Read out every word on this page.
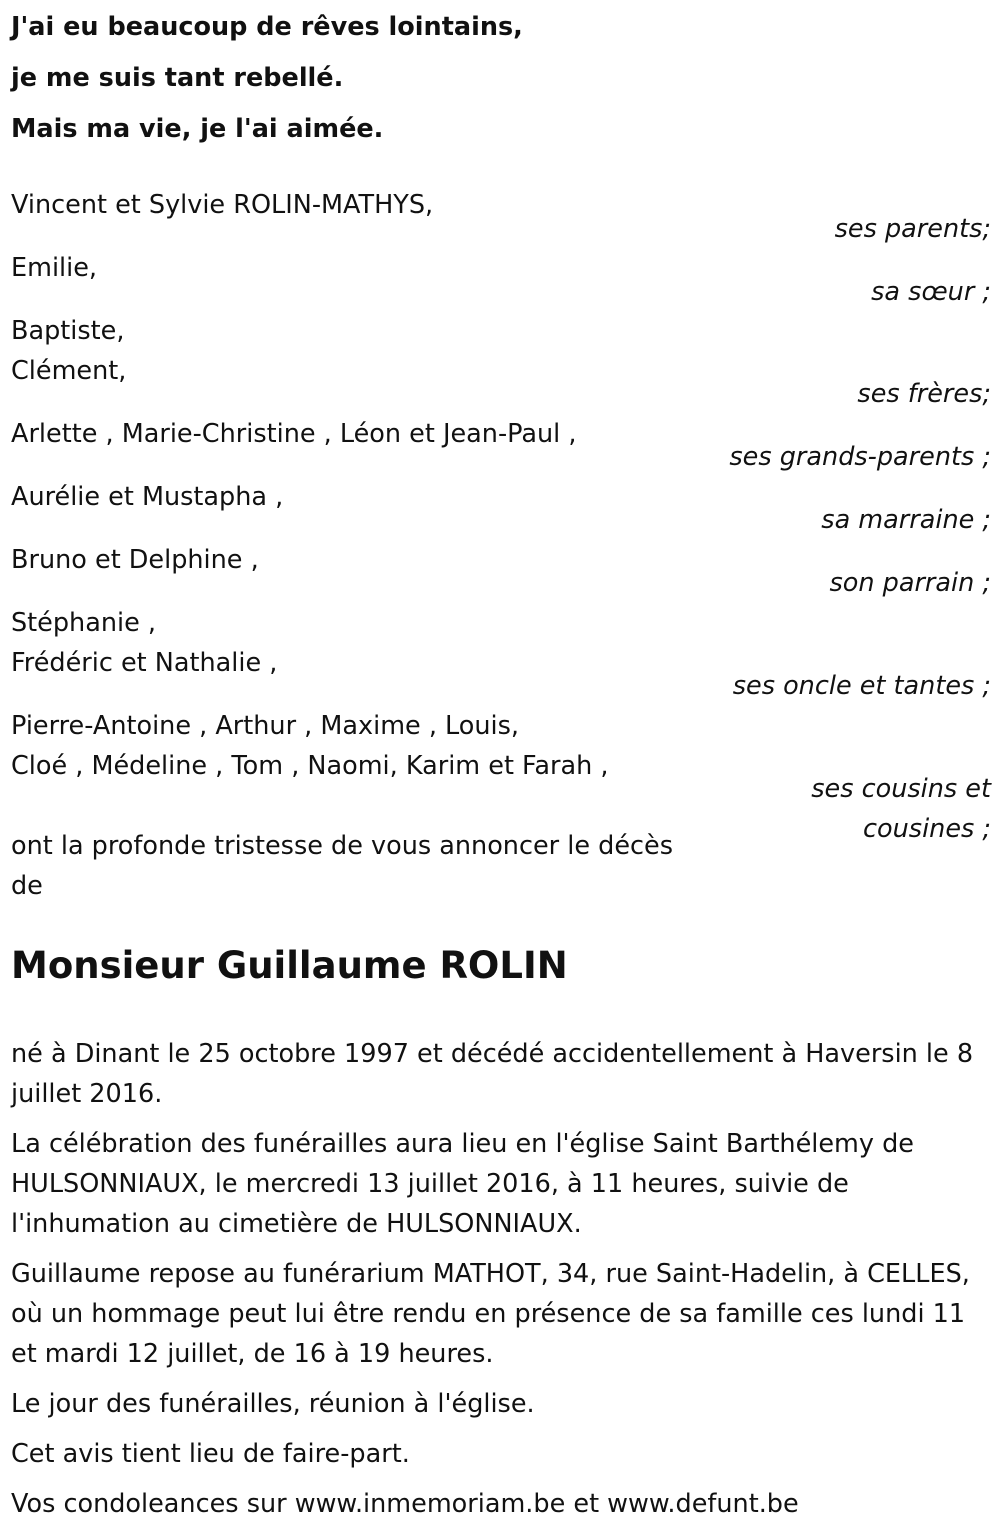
J'ai eu beaucoup de rêves lointains,
je me suis tant rebellé.
Mais ma vie, je l'ai aimée.
Vincent et Sylvie ROLIN-MATHYS,
ses parents;
Emilie,
sa sœur ;
Baptiste,
Clément,
ses frères;
Arlette , Marie-Christine , Léon et Jean-Paul ,
ses grands-parents ;
Aurélie et Mustapha ,
sa marraine ;
Bruno et Delphine ,
son parrain ;
Stéphanie ,
Frédéric et Nathalie ,
ses oncle et tantes ;
Pierre-Antoine , Arthur , Maxime , Louis,
Cloé , Médeline , Tom , Naomi, Karim et Farah ,
ses cousins et cousines ;
ont la profonde tristesse de vous annoncer le décès de
Monsieur Guillaume ROLIN
né à Dinant le 25 octobre 1997 et décédé accidentellement à Haversin le 8 juillet 2016.
La célébration des funérailles aura lieu en l'église Saint Barthélemy de HULSONNIAUX, le mercredi 13 juillet 2016, à 11 heures, suivie de l'inhumation au cimetière de HULSONNIAUX.
Guillaume repose au funérarium MATHOT, 34, rue Saint-Hadelin, à CELLES, où un hommage peut lui être rendu en présence de sa famille ces lundi 11 et mardi 12 juillet, de 16 à 19 heures.
Le jour des funérailles, réunion à l'église.
Cet avis tient lieu de faire-part.
Vos condoleances sur www.inmemoriam.be et www.defunt.be
